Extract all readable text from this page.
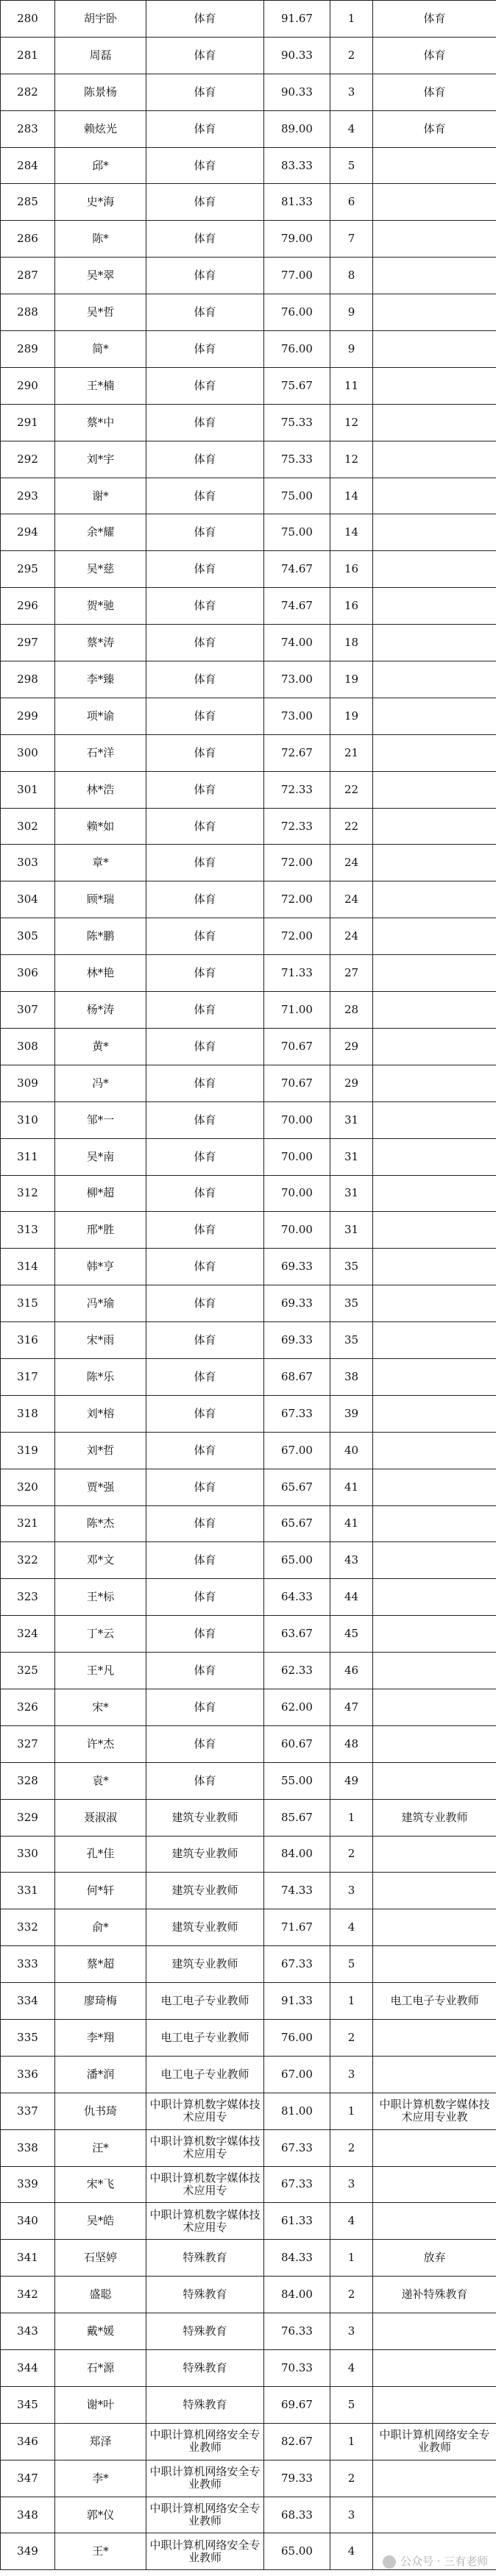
280	胡宇卧	体育	91.67	1	体育
281	周磊	体育	90.33	2	体育
282	陈景杨	体育	90.33	3	体育
283	赖炫光	体育	89.00	4	体育
284	邱*	体育	83.33	5	
285	史*海	体育	81.33	6	
286	陈*	体育	79.00	7	
287	吴*翠	体育	77.00	8	
288	吴*哲	体育	76.00	9	
289	简*	体育	76.00	9	
290	王*楠	体育	75.67	11	
291	蔡*中	体育	75.33	12	
292	刘*宇	体育	75.33	12	
293	谢*	体育	75.00	14	
294	余*耀	体育	75.00	14	
295	吴*慈	体育	74.67	16	
296	贺*驰	体育	74.67	16	
297	蔡*涛	体育	74.00	18	
298	李*臻	体育	73.00	19	
299	项*谕	体育	73.00	19	
300	石*洋	体育	72.67	21	
301	林*浩	体育	72.33	22	
302	赖*如	体育	72.33	22	
303	章*	体育	72.00	24	
304	顾*瑞	体育	72.00	24	
305	陈*鹏	体育	72.00	24	
306	林*艳	体育	71.33	27	
307	杨*涛	体育	71.00	28	
308	黄*	体育	70.67	29	
309	冯*	体育	70.67	29	
310	邹*一	体育	70.00	31	
311	吴*南	体育	70.00	31	
312	柳*超	体育	70.00	31	
313	邢*胜	体育	70.00	31	
314	韩*亨	体育	69.33	35	
315	冯*瑜	体育	69.33	35	
316	宋*雨	体育	69.33	35	
317	陈*乐	体育	68.67	38	
318	刘*榕	体育	67.33	39	
319	刘*哲	体育	67.00	40	
320	贾*强	体育	65.67	41	
321	陈*杰	体育	65.67	41	
322	邓*文	体育	65.00	43	
323	王*标	体育	64.33	44	
324	丁*云	体育	63.67	45	
325	王*凡	体育	62.33	46	
326	宋*	体育	62.00	47	
327	许*杰	体育	60.67	48	
328	袁*	体育	55.00	49	
329	聂淑淑	建筑专业教师	85.67	1	建筑专业教师
330	孔*佳	建筑专业教师	84.00	2	
331	何*轩	建筑专业教师	74.33	3	
332	俞*	建筑专业教师	71.67	4	
333	蔡*超	建筑专业教师	67.33	5	
334	廖琦梅	电工电子专业教师	91.33	1	电工电子专业教师
335	李*翔	电工电子专业教师	76.00	2	
336	潘*润	电工电子专业教师	67.00	3	
337	仇书琦	中职计算机数字媒体技术应用专	81.00	1	中职计算机数字媒体技术应用专业教
338	汪*	中职计算机数字媒体技术应用专	67.33	2	
339	宋*飞	中职计算机数字媒体技术应用专	67.33	3	
340	吴*皓	中职计算机数字媒体技术应用专	61.33	4	
341	石坚婷	特殊教育	84.33	1	放弃
342	盛聪	特殊教育	84.00	2	递补特殊教育
343	戴*媛	特殊教育	76.33	3	
344	石*源	特殊教育	70.33	4	
345	谢*叶	特殊教育	69.67	5	
346	郑泽	中职计算机网络安全专业教师	82.67	1	中职计算机网络安全专业教师
347	李*	中职计算机网络安全专业教师	79.33	2	
348	郭*仪	中职计算机网络安全专业教师	68.33	3	
349	王*	中职计算机网络安全专业教师	65.00	4	
公众号 · 三有老师
